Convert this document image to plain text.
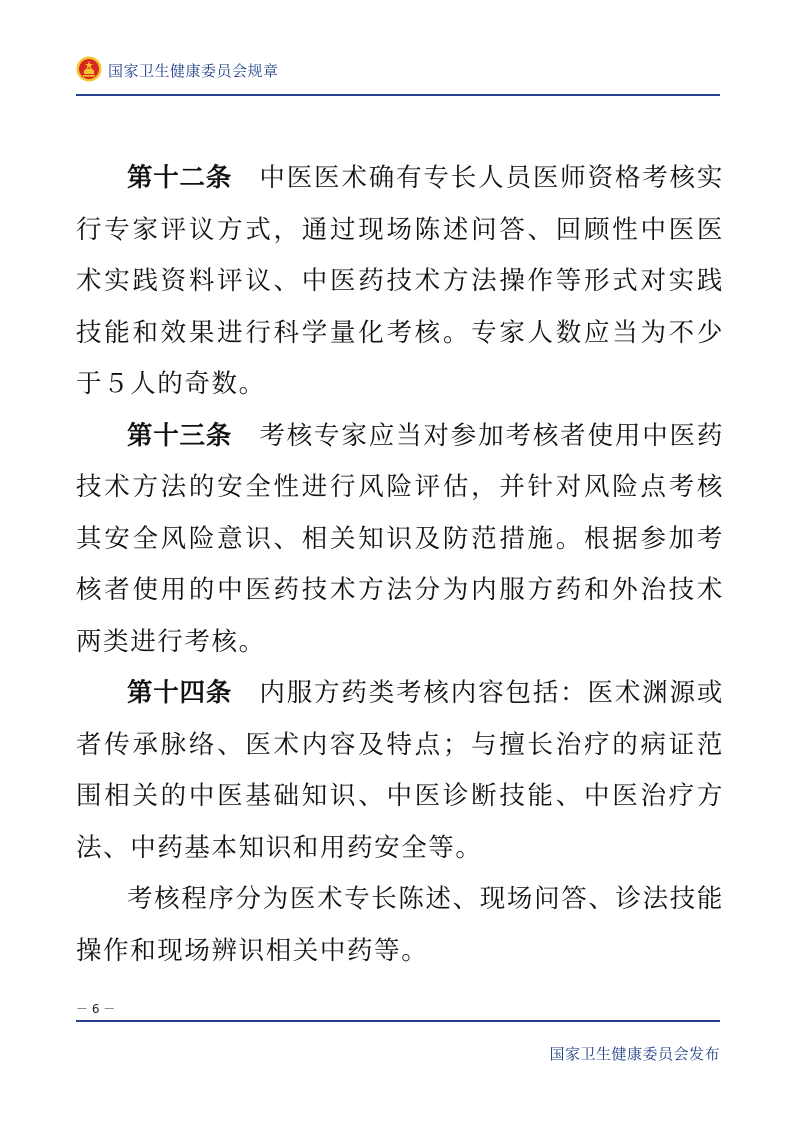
国家卫生健康委员会规章

第十二条　 中医医术确有专长人员医师资格考核实行专家评议方式，通过现场陈述问答、回顾性中医医术实践资料评议、中医药技术方法操作等形式对实践技能和效果进行科学量化考核。专家人数应当为不少于５人的奇数。

第十三条　 考核专家应当对参加考核者使用中医药技术方法的安全性进行风险评估，并针对风险点考核其安全风险意识、相关知识及防范措施。根据参加考核者使用的中医药技术方法分为内服方药和外治技术两类进行考核。

第十四条　 内服方药类考核内容包括：医术渊源或者传承脉络、医术内容及特点；与擅长治疗的病证范围相关的中医基础知识、中医诊断技能、中医治疗方法、中药基本知识和用药安全等。

考核程序分为医术专长陈述、现场问答、诊法技能操作和现场辨识相关中药等。

－ 6 －
国家卫生健康委员会发布
